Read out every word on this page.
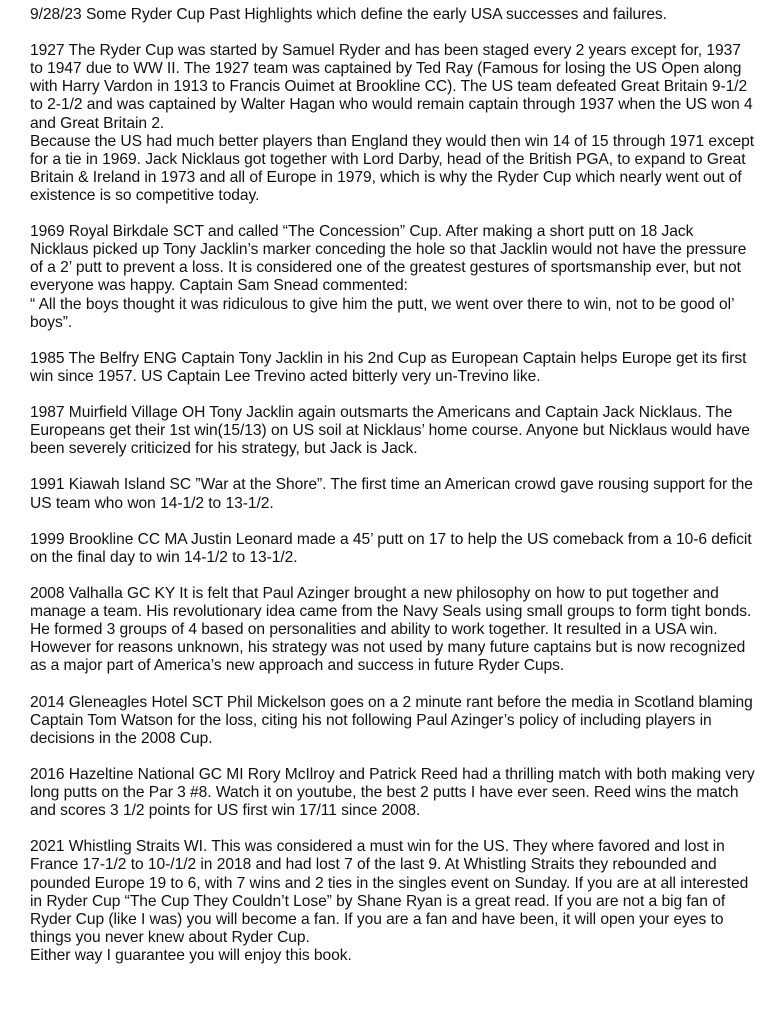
9/28/23 Some Ryder Cup Past Highlights which define the early USA successes and failures.

1927 The Ryder Cup was started by Samuel Ryder and has been staged every 2 years except for, 1937 to 1947 due to WW II. The 1927 team was captained by Ted Ray (Famous for losing the US Open along with Harry Vardon in 1913 to Francis Ouimet at Brookline CC). The US team defeated Great Britain 9-1/2 to 2-1/2 and was captained by Walter Hagan who would remain captain through 1937 when the US won 4 and Great Britain 2.
Because the US had much better players than England they would then win 14 of 15 through 1971 except for a tie in 1969. Jack Nicklaus got together with Lord Darby, head of the British PGA, to expand to Great Britain & Ireland in 1973 and all of Europe in 1979, which is why the Ryder Cup which nearly went out of existence is so competitive today.
1969 Royal Birkdale SCT and called “The Concession” Cup. After making a short putt on 18 Jack Nicklaus picked up Tony Jacklin’s marker conceding the hole so that Jacklin would not have the pressure of a 2’ putt to prevent a loss. It is considered one of the greatest gestures of sportsmanship ever, but not everyone was happy. Captain Sam Snead commented:
“ All the boys thought it was ridiculous to give him the putt, we went over there to win, not to be good ol’ boys”.

1985 The Belfry ENG Captain Tony Jacklin in his 2nd Cup as European Captain helps Europe get its first win since 1957. US Captain Lee Trevino acted bitterly very un-Trevino like.

1987 Muirfield Village OH Tony Jacklin again outsmarts the Americans and Captain Jack Nicklaus. The Europeans get their 1st win(15/13) on US soil at Nicklaus’ home course. Anyone but Nicklaus would have been severely criticized for his strategy, but Jack is Jack.

1991 Kiawah Island SC ”War at the Shore”. The first time an American crowd gave rousing support for the US team who won 14-1/2 to 13-1/2.

1999 Brookline CC MA Justin Leonard made a 45’ putt on 17 to help the US comeback from a 10-6 deficit on the final day to win 14-1/2 to 13-1/2.

2008 Valhalla GC KY It is felt that Paul Azinger brought a new philosophy on how to put together and manage a team. His revolutionary idea came from the Navy Seals using small groups to form tight bonds. He formed 3 groups of 4 based on personalities and ability to work together. It resulted in a USA win. However for reasons unknown, his strategy was not used by many future captains but is now recognized as a major part of America’s new approach and success in future Ryder Cups.

2014 Gleneagles Hotel SCT Phil Mickelson goes on a 2 minute rant before the media in Scotland blaming Captain Tom Watson for the loss, citing his not following Paul Azinger’s policy of including players in decisions in the 2008 Cup.

2016 Hazeltine National GC MI Rory McIlroy and Patrick Reed had a thrilling match with both making very long putts on the Par 3 #8. Watch it on youtube, the best 2 putts I have ever seen. Reed wins the match and scores 3 1/2 points for US first win 17/11 since 2008.

2021 Whistling Straits WI. This was considered a must win for the US. They where favored and lost in France 17-1/2 to 10-/1/2 in 2018 and had lost 7 of the last 9. At Whistling Straits they rebounded and pounded Europe 19 to 6, with 7 wins and 2 ties in the singles event on Sunday. If you are at all interested in Ryder Cup “The Cup They Couldn’t Lose” by Shane Ryan is a great read. If you are not a big fan of Ryder Cup (like I was) you will become a fan. If you are a fan and have been, it will open your eyes to things you never knew about Ryder Cup.
Either way I guarantee you will enjoy this book.
